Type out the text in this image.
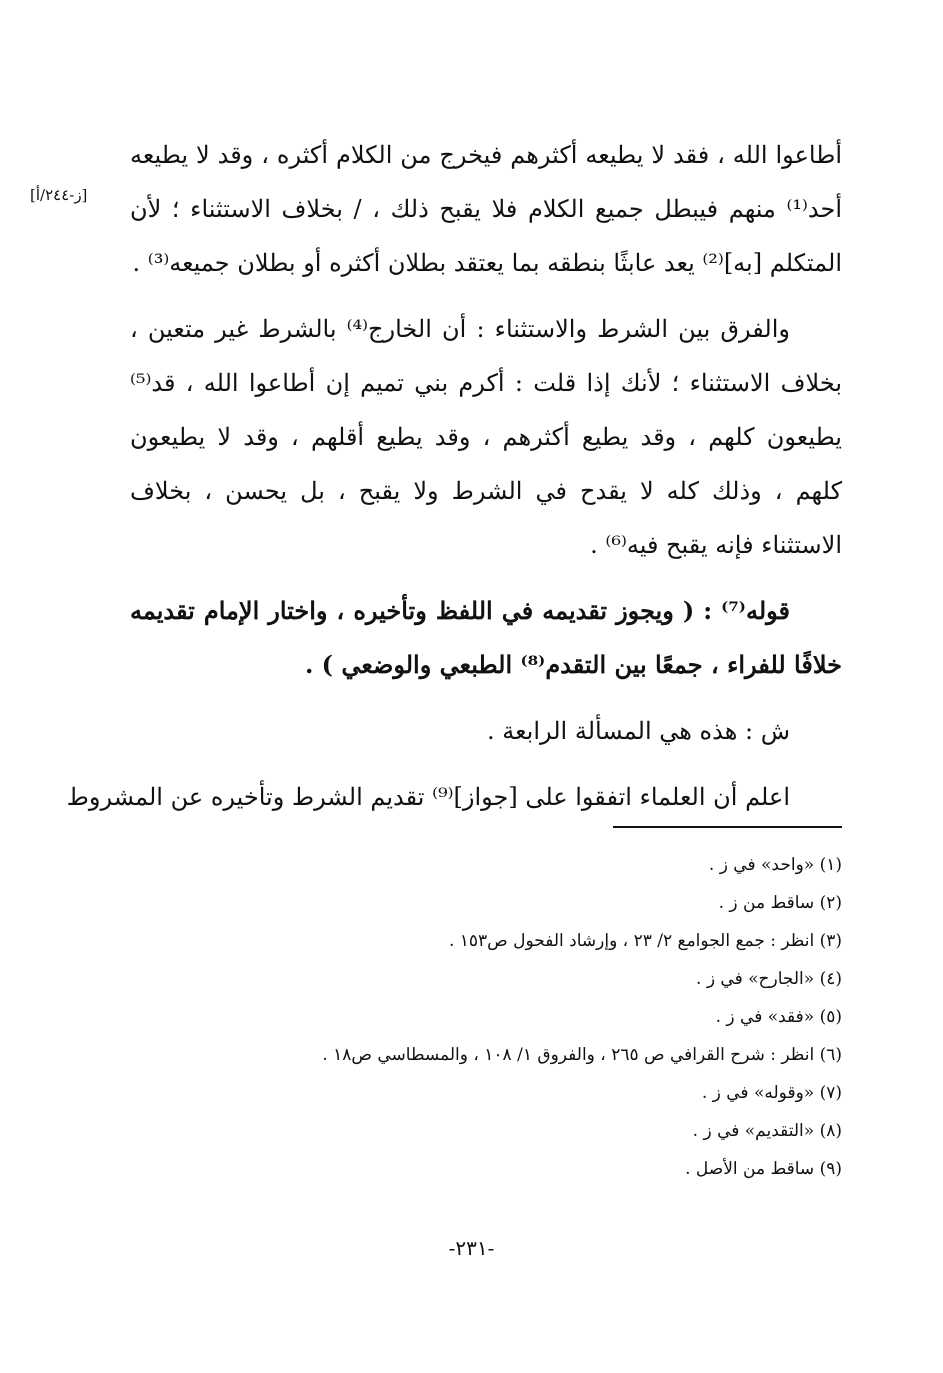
[ز-٢٤٤/أ]
أطاعوا الله ، فقد لا يطيعه أكثرهم فيخرج من الكلام أكثره ، وقد لا يطيعه
أحد⁽¹⁾ منهم فيبطل جميع الكلام فلا يقبح ذلك ، / بخلاف الاستثناء ؛ لأن
المتكلم [به]⁽²⁾ يعد عابثًا بنطقه بما يعتقد بطلان أكثره أو بطلان جميعه⁽³⁾ .
والفرق بين الشرط والاستثناء : أن الخارج⁽⁴⁾ بالشرط غير متعين ،
بخلاف الاستثناء ؛ لأنك إذا قلت : أكرم بني تميم إن أطاعوا الله ، قد⁽⁵⁾
يطيعون كلهم ، وقد يطيع أكثرهم ، وقد يطيع أقلهم ، وقد لا يطيعون
كلهم ، وذلك كله لا يقدح في الشرط ولا يقبح ، بل يحسن ، بخلاف
الاستثناء فإنه يقبح فيه⁽⁶⁾ .
قوله⁽⁷⁾ : ( ويجوز تقديمه في اللفظ وتأخيره ، واختار الإمام تقديمه
خلافًا للفراء ، جمعًا بين التقدم⁽⁸⁾ الطبعي والوضعي ) .
ش : هذه هي المسألة الرابعة .
اعلم أن العلماء اتفقوا على [جواز]⁽⁹⁾ تقديم الشرط وتأخيره عن المشروط
(١) «واحد» في ز .
(٢) ساقط من ز .
(٣) انظر : جمع الجوامع ٢/ ٢٣ ، وإرشاد الفحول ص١٥٣ .
(٤) «الجارح» في ز .
(٥) «فقد» في ز .
(٦) انظر : شرح القرافي ص ٢٦٥ ، والفروق ١/ ١٠٨ ، والمسطاسي ص١٨ .
(٧) «وقوله» في ز .
(٨) «التقديم» في ز .
(٩) ساقط من الأصل .
-٢٣١-
